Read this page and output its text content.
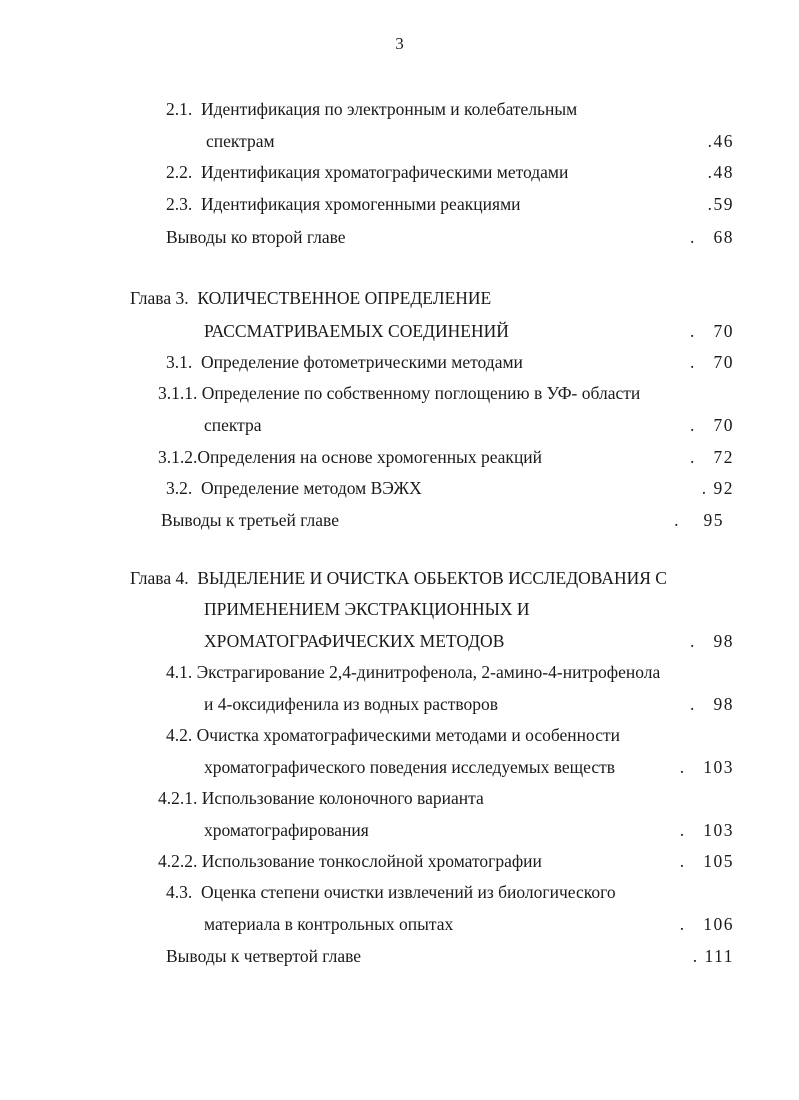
3
2.1.  Идентификация по электронным и колебательным
спектрам	.46
2.2.  Идентификация хроматографическими методами	.48
2.3.  Идентификация хромогенными реакциями	.59
Выводы ко второй главе	. 68
Глава 3.  КОЛИЧЕСТВЕННОЕ ОПРЕДЕЛЕНИЕ
РАССМАТРИВАЕМЫХ СОЕДИНЕНИЙ	. 70
3.1.  Определение фотометрическими методами	. 70
3.1.1. Определение по собственному поглощению в УФ- области
спектра	. 70
3.1.2.Определения на основе хромогенных реакций	. 72
3.2.  Определение методом ВЭЖХ	. 92
Выводы к третьей главе	. 95
Глава 4.  ВЫДЕЛЕНИЕ И ОЧИСТКА ОБЬЕКТОВ ИССЛЕДОВАНИЯ С
ПРИМЕНЕНИЕМ ЭКСТРАКЦИОННЫХ И
ХРОМАТОГРАФИЧЕСКИХ МЕТОДОВ	. 98
4.1. Экстрагирование 2,4-динитрофенола, 2-амино-4-нитрофенола
и 4-оксидифенила из водных растворов	. 98
4.2. Очистка хроматографическими методами и особенности
хроматографического поведения исследуемых веществ	. 103
4.2.1. Использование колоночного варианта
хроматографирования	. 103
4.2.2. Использование тонкослойной хроматографии	. 105
4.3.  Оценка степени очистки извлечений из биологического
материала в контрольных опытах	. 106
Выводы к четвертой главе	. 111
